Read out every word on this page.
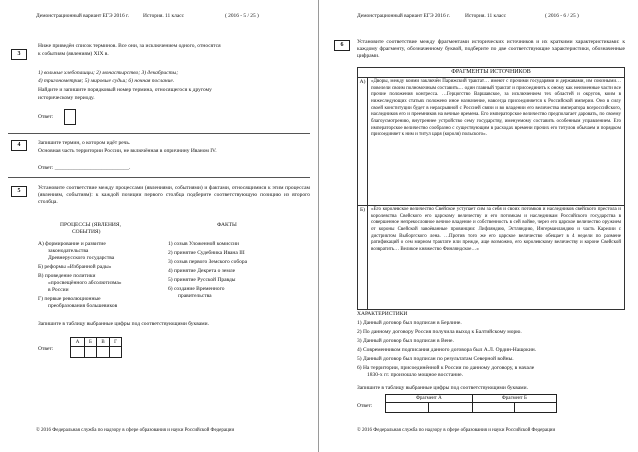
Демонстрационный вариант ЕГЭ 2016 г.	История. 11 класс	( 2016 - 5 / 25 )
3
Ниже приведён список терминов. Все они, за исключением одного, относятся
к событиям (явлениям) XIX в.
1) вольные хлебопашцы; 2) монастырство; 3) декабристы;
4) тригонометрия; 5) мировые судьи; 6) ночная послание.
Найдите и запишите порядковый номер термина, относящегося к другому
историческому периоду.
Ответ:
4	Запишите термин, о котором идёт речь.
Основная часть территории России, не включённая в опричнину Иваном IV.
Ответ: ___________________________.
5	Установите соответствие между процессами (явлениями, событиями) и фактами, относящимися к этим процессам (явлениям, событиям): к каждой позиции первого столбца подберите соответствующую позицию из второго столбца.
ПРОЦЕССЫ (ЯВЛЕНИЯ,
СОБЫТИЯ)
ФАКТЫ
А) формирование и развитие
законодательства
Древнерусского государства
Б) реформы «Избранной рады»
В) проведение политики
«просвещённого абсолютизма»
в России
Г) первые революционные
преобразования большевиков
1) созыв Уложенной комиссии
2) принятие Судебника Ивана III
3) созыв первого Земского собора
4) принятие Декрета о земле
5) принятие Русской Правды
6) создание Временного
правительства
Запишите в таблицу выбранные цифры под соответствующими буквами.
Ответ:
А	Б	В	Г

© 2016 Федеральная служба по надзору в сфере образования и науки Российской Федерации
Демонстрационный вариант ЕГЭ 2016 г.	История. 11 класс	( 2016 - 6 / 25 )
6	Установите соответствие между фрагментами исторических источников и их краткими характеристиками: к каждому фрагменту, обозначенному буквой, подберите по две соответствующие характеристики, обозначенные цифрами.
ФРАГМЕНТЫ ИСТОЧНИКОВ
А)	«Дворы, между коими заключён Парижский трактат… имеют с прочими государями и державами, им союзными… повелели своим полномочным составить… один главный трактат и присоединить к оному как неизменные части все прочие положения конгресса. …Герцогство Варшавское, за исключением тех областей и округов, коим в нижеследующих статьях положено иное назначение, навсегда присоединяется к Российской империи. Оно в силу своей конституции будет в нерасрывной с Россией связи и во владении его величества императора всероссийского, наследников его и преемников на вечные времена. Его императорское величество предполагает даровать, по своему благоусмотрению, внутреннее устройство сему государству, именуемому составить особенным управлением. Его императорское величество сообразно с существующим в расходах времени прочих его титулов обычаем и порядком присоединяет к ним и титул царя (короля) польского».
Б)	«Его королевское величество Свейское уступает сим за себя и своих потомков и наследников свейского престола и королевства Свейского его царскому величеству и его потомкам и наследникам Российского государства в совершенное непрекословное вечное владение и собственность в сей войне, через его царское величество оружием от короны Свейской завоёванные провинции: Лифляндию, Эстляндию, Ингерманландию и часть Карелии с дистриктом Выборгского лена. …Против того же его царское величество обещает в 4 недели по размене ратификаций о сем мирном трактате или прежде, аще возможно, его королевскому величеству и короне Свейской возвратить… Великое княжество Финляндское…»
ХАРАКТЕРИСТИКИ
1) Данный договор был подписан в Берлине.
2) По данному договору Россия получила выход к Балтийскому морю.
3) Данный договор был подписан в Вене.
4) Современником подписания данного договора был А.Л. Ордин-Нащокин.
5) Данный договор был подписан по результатам Северной войны.
6) На территории, присоединённой к России по данному договору, в начале
1830-х гг. произошло мощное восстание.
Запишите в таблицу выбранные цифры под соответствующими буквами.
Ответ:
Фрагмент А		Фрагмент Б	

© 2016 Федеральная служба по надзору в сфере образования и науки Российской Федерации
